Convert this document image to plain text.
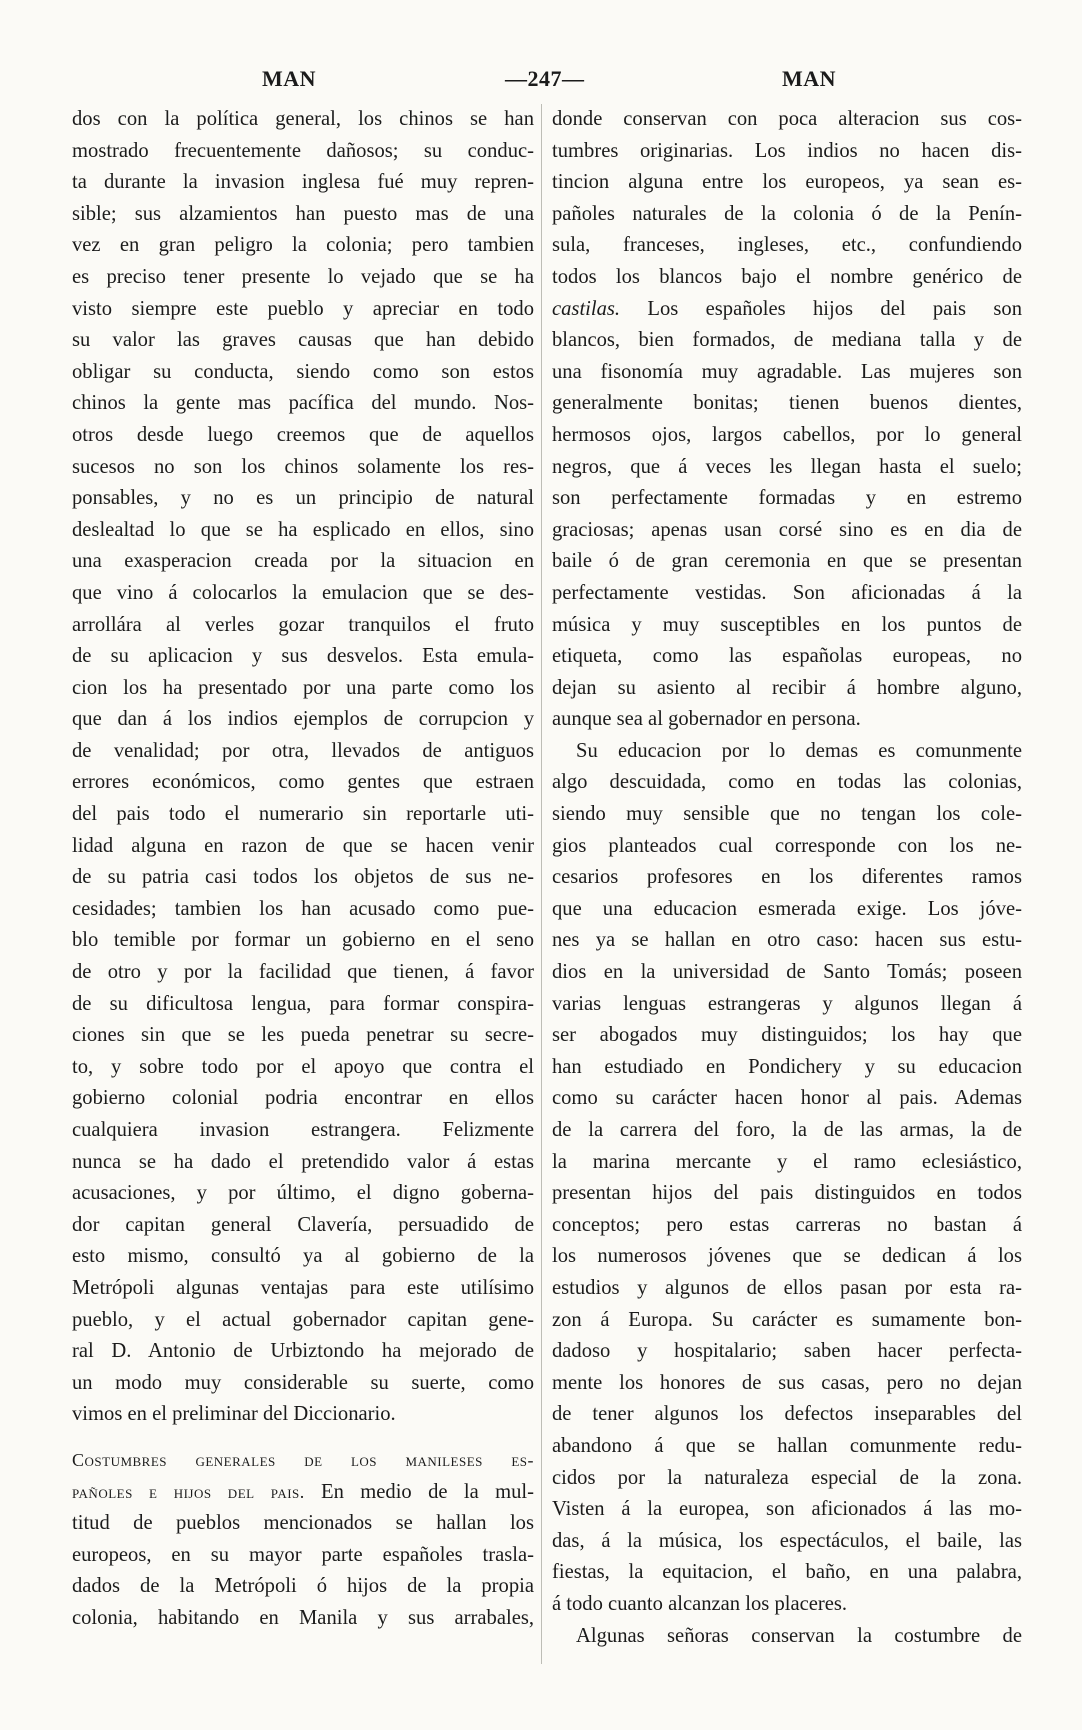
MAN	—247—	MAN
dos con la política general, los chinos se han
mostrado frecuentemente dañosos; su conduc-
ta durante la invasion inglesa fué muy repren-
sible; sus alzamientos han puesto mas de una
vez en gran peligro la colonia; pero tambien
es preciso tener presente lo vejado que se ha
visto siempre este pueblo y apreciar en todo
su valor las graves causas que han debido
obligar su conducta, siendo como son estos
chinos la gente mas pacífica del mundo. Nos-
otros desde luego creemos que de aquellos
sucesos no son los chinos solamente los res-
ponsables, y no es un principio de natural
deslealtad lo que se ha esplicado en ellos, sino
una exasperacion creada por la situacion en
que vino á colocarlos la emulacion que se des-
arrollára al verles gozar tranquilos el fruto
de su aplicacion y sus desvelos. Esta emula-
cion los ha presentado por una parte como los
que dan á los indios ejemplos de corrupcion y
de venalidad; por otra, llevados de antiguos
errores económicos, como gentes que estraen
del pais todo el numerario sin reportarle uti-
lidad alguna en razon de que se hacen venir
de su patria casi todos los objetos de sus ne-
cesidades; tambien los han acusado como pue-
blo temible por formar un gobierno en el seno
de otro y por la facilidad que tienen, á favor
de su dificultosa lengua, para formar conspira-
ciones sin que se les pueda penetrar su secre-
to, y sobre todo por el apoyo que contra el
gobierno colonial podria encontrar en ellos
cualquiera invasion estrangera. Felizmente
nunca se ha dado el pretendido valor á estas
acusaciones, y por último, el digno goberna-
dor capitan general Clavería, persuadido de
esto mismo, consultó ya al gobierno de la
Metrópoli algunas ventajas para este utilísimo
pueblo, y el actual gobernador capitan gene-
ral D. Antonio de Urbiztondo ha mejorado de
un modo muy considerable su suerte, como
vimos en el preliminar del Diccionario.
Costumbres generales de los manileses es-
pañoles e hijos del pais. En medio de la mul-
titud de pueblos mencionados se hallan los
europeos, en su mayor parte españoles trasla-
dados de la Metrópoli ó hijos de la propia
colonia, habitando en Manila y sus arrabales,
donde conservan con poca alteracion sus cos-
tumbres originarias. Los indios no hacen dis-
tincion alguna entre los europeos, ya sean es-
pañoles naturales de la colonia ó de la Penín-
sula, franceses, ingleses, etc., confundiendo
todos los blancos bajo el nombre genérico de
castilas. Los españoles hijos del pais son
blancos, bien formados, de mediana talla y de
una fisonomía muy agradable. Las mujeres son
generalmente bonitas; tienen buenos dientes,
hermosos ojos, largos cabellos, por lo general
negros, que á veces les llegan hasta el suelo;
son perfectamente formadas y en estremo
graciosas; apenas usan corsé sino es en dia de
baile ó de gran ceremonia en que se presentan
perfectamente vestidas. Son aficionadas á la
música y muy susceptibles en los puntos de
etiqueta, como las españolas europeas, no
dejan su asiento al recibir á hombre alguno,
aunque sea al gobernador en persona.
Su educacion por lo demas es comunmente
algo descuidada, como en todas las colonias,
siendo muy sensible que no tengan los cole-
gios planteados cual corresponde con los ne-
cesarios profesores en los diferentes ramos
que una educacion esmerada exige. Los jóve-
nes ya se hallan en otro caso: hacen sus estu-
dios en la universidad de Santo Tomás; poseen
varias lenguas estrangeras y algunos llegan á
ser abogados muy distinguidos; los hay que
han estudiado en Pondichery y su educacion
como su carácter hacen honor al pais. Ademas
de la carrera del foro, la de las armas, la de
la marina mercante y el ramo eclesiástico,
presentan hijos del pais distinguidos en todos
conceptos; pero estas carreras no bastan á
los numerosos jóvenes que se dedican á los
estudios y algunos de ellos pasan por esta ra-
zon á Europa. Su carácter es sumamente bon-
dadoso y hospitalario; saben hacer perfecta-
mente los honores de sus casas, pero no dejan
de tener algunos los defectos inseparables del
abandono á que se hallan comunmente redu-
cidos por la naturaleza especial de la zona.
Visten á la europea, son aficionados á las mo-
das, á la música, los espectáculos, el baile, las
fiestas, la equitacion, el baño, en una palabra,
á todo cuanto alcanzan los placeres.
Algunas señoras conservan la costumbre de
